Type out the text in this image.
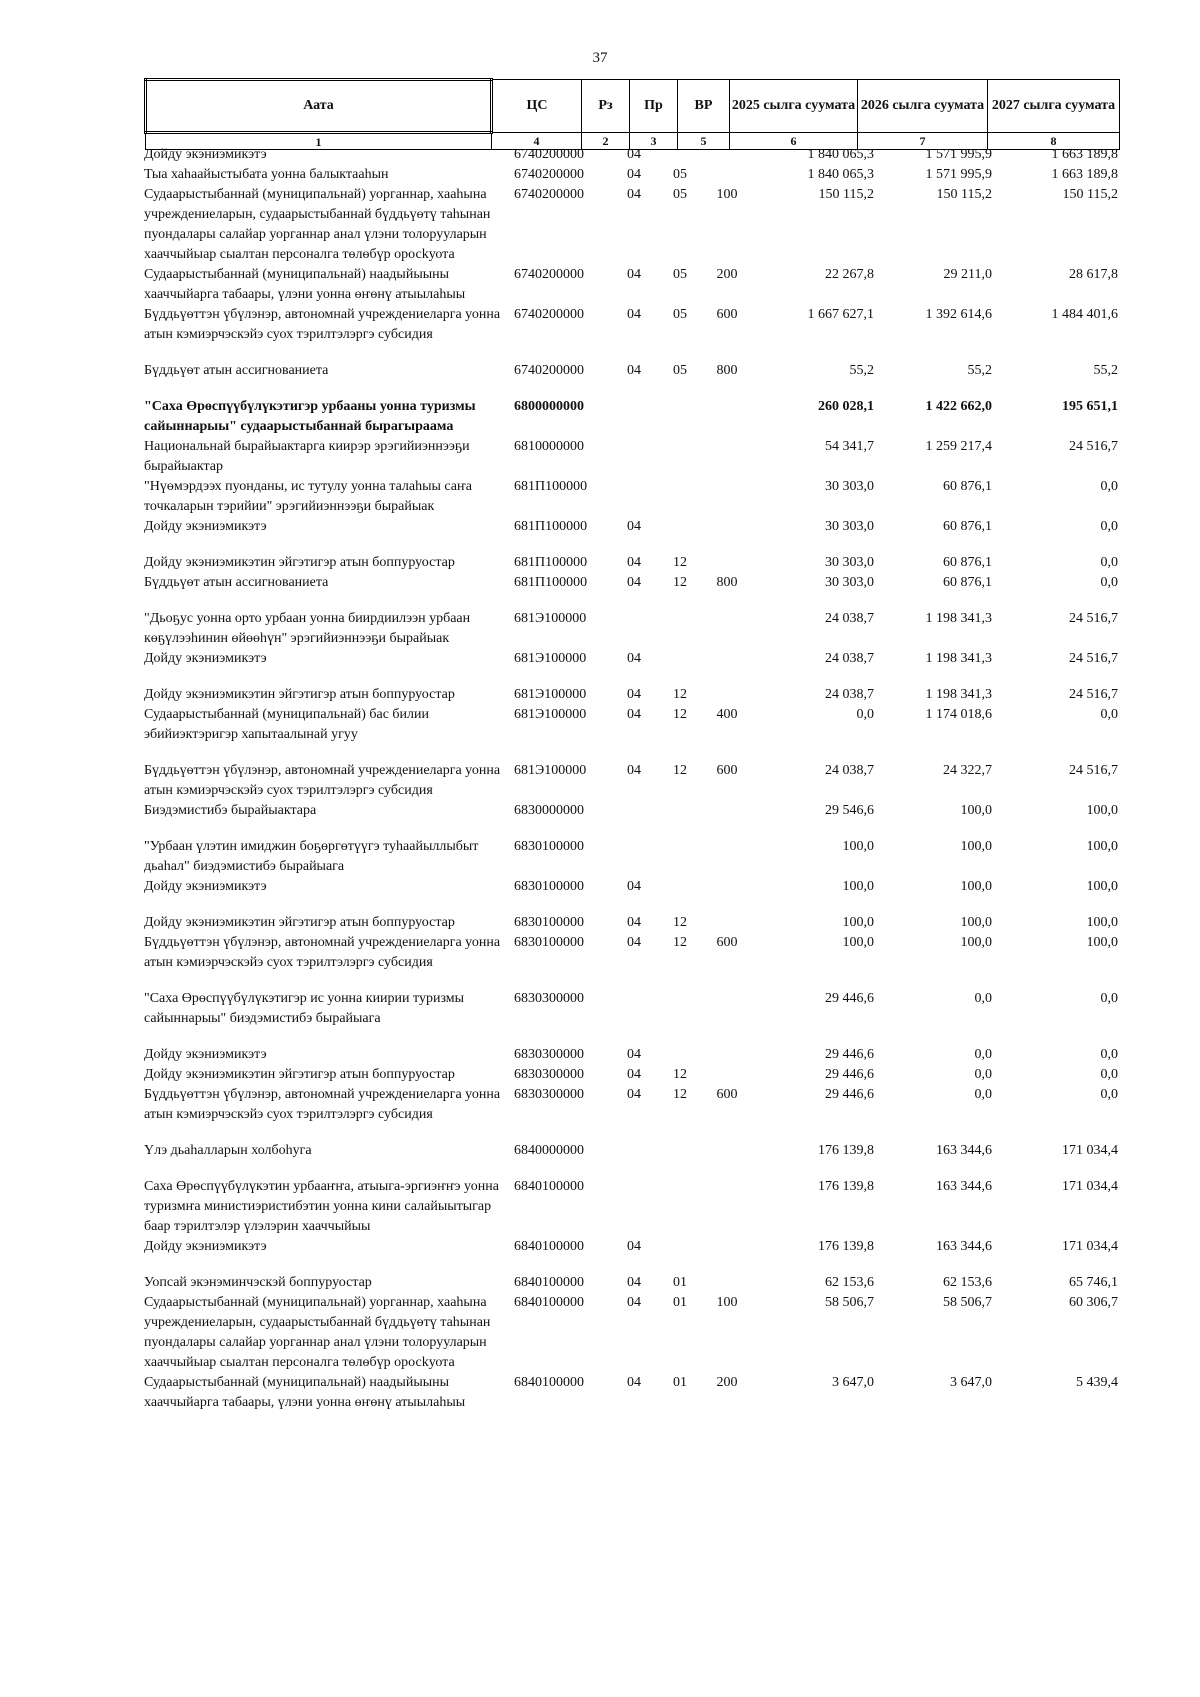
37
Аата	ЦС	Рз	Пр	ВР	2025 сылга суумата	2026 сылга суумата	2027 сылга суумата
1	4	2	3	5	6	7	8
Дойду экэниэмикэтэ	6740200000	04			1 840 065,3	1 571 995,9	1 663 189,8
Тыа хаһаайыстыбата уонна балыктааһын	6740200000	04	05		1 840 065,3	1 571 995,9	1 663 189,8
Судаарыстыбаннай (муниципальнай) уорганнар, хааһына учреждениеларын, судаарыстыбаннай бүддьүөтү таһынан пуондалары салайар уорганнар анал үлэни толорууларын хааччыйыар сыалтан персоналга төлөбүр оросkуота	6740200000	04	05	100	150 115,2	150 115,2	150 115,2
Судаарыстыбаннай (муниципальнай) наадыйыыны хааччыйарга табаары, үлэни уонна өҥөнү атыылаһыы	6740200000	04	05	200	22 267,8	29 211,0	28 617,8
Бүддьүөттэн үбүлэнэр, автономнай учреждениеларга уонна атын кэмиэрчэскэйэ суох тэрилтэлэргэ субсидия	6740200000	04	05	600	1 667 627,1	1 392 614,6	1 484 401,6
Бүддьүөт атын ассигнованиета	6740200000	04	05	800	55,2	55,2	55,2
"Саха Өрөспүүбүлүкэтигэр урбааны уонна туризмы сайыннарыы" судаарыстыбаннай бырагыраама	6800000000				260 028,1	1 422 662,0	195 651,1
Национальнай бырайыактарга киирэр эрэгийиэннээҕи бырайыактар	6810000000				54 341,7	1 259 217,4	24 516,7
"Нүөмэрдээх пуонданы, ис тутулу уонна талаһыы саҥа точкаларын тэрийии" эрэгийиэннээҕи бырайыак	681П100000				30 303,0	60 876,1	0,0
Дойду экэниэмикэтэ	681П100000	04			30 303,0	60 876,1	0,0
Дойду экэниэмикэтин эйгэтигэр атын боппуруостар	681П100000	04	12		30 303,0	60 876,1	0,0
Бүддьүөт атын ассигнованиета	681П100000	04	12	800	30 303,0	60 876,1	0,0
"Дьоҕус уонна орто урбаан уонна биирдиилээн урбаан көҕүлээһинин өйөөһүн" эрэгийиэннээҕи бырайыак	681Э100000				24 038,7	1 198 341,3	24 516,7
Дойду экэниэмикэтэ	681Э100000	04			24 038,7	1 198 341,3	24 516,7
Дойду экэниэмикэтин эйгэтигэр атын боппуруостар	681Э100000	04	12		24 038,7	1 198 341,3	24 516,7
Судаарыстыбаннай (муниципальнай) бас билии эбийиэктэригэр хапытаалынай угуу	681Э100000	04	12	400	0,0	1 174 018,6	0,0
Бүддьүөттэн үбүлэнэр, автономнай учреждениеларга уонна атын кэмиэрчэскэйэ суох тэрилтэлэргэ субсидия	681Э100000	04	12	600	24 038,7	24 322,7	24 516,7
Биэдэмистибэ бырайыактара	6830000000				29 546,6	100,0	100,0
"Урбаан үлэтин имиджин боҕөргөтүүгэ туһаайыллыбыт дьаһал" биэдэмистибэ бырайыага	6830100000				100,0	100,0	100,0
Дойду экэниэмикэтэ	6830100000	04			100,0	100,0	100,0
Дойду экэниэмикэтин эйгэтигэр атын боппуруостар	6830100000	04	12		100,0	100,0	100,0
Бүддьүөттэн үбүлэнэр, автономнай учреждениеларга уонна атын кэмиэрчэскэйэ суох тэрилтэлэргэ субсидия	6830100000	04	12	600	100,0	100,0	100,0
"Саха Өрөспүүбүлүкэтигэр ис уонна киирии туризмы сайыннарыы" биэдэмистибэ бырайыага	6830300000				29 446,6	0,0	0,0
Дойду экэниэмикэтэ	6830300000	04			29 446,6	0,0	0,0
Дойду экэниэмикэтин эйгэтигэр атын боппуруостар	6830300000	04	12		29 446,6	0,0	0,0
Бүддьүөттэн үбүлэнэр, автономнай учреждениеларга уонна атын кэмиэрчэскэйэ суох тэрилтэлэргэ субсидия	6830300000	04	12	600	29 446,6	0,0	0,0
Үлэ дьаһалларын холбоһуга	6840000000				176 139,8	163 344,6	171 034,4
Саха Өрөспүүбүлүкэтин урбааҥҥа, атыыга-эргиэҥҥэ уонна туризмҥа министиэристибэтин уонна кини салайыытыгар баар тэрилтэлэр үлэлэрин хааччыйыы	6840100000				176 139,8	163 344,6	171 034,4
Дойду экэниэмикэтэ	6840100000	04			176 139,8	163 344,6	171 034,4
Уопсай экэнэминчэскэй боппуруостар	6840100000	04	01		62 153,6	62 153,6	65 746,1
Судаарыстыбаннай (муниципальнай) уорганнар, хааһына учреждениеларын, судаарыстыбаннай бүддьүөтү таһынан пуондалары салайар уорганнар анал үлэни толорууларын хааччыйыар сыалтан персоналга төлөбүр оросkуота	6840100000	04	01	100	58 506,7	58 506,7	60 306,7
Судаарыстыбаннай (муниципальнай) наадыйыыны хааччыйарга табаары, үлэни уонна өҥөнү атыылаһыы	6840100000	04	01	200	3 647,0	3 647,0	5 439,4
